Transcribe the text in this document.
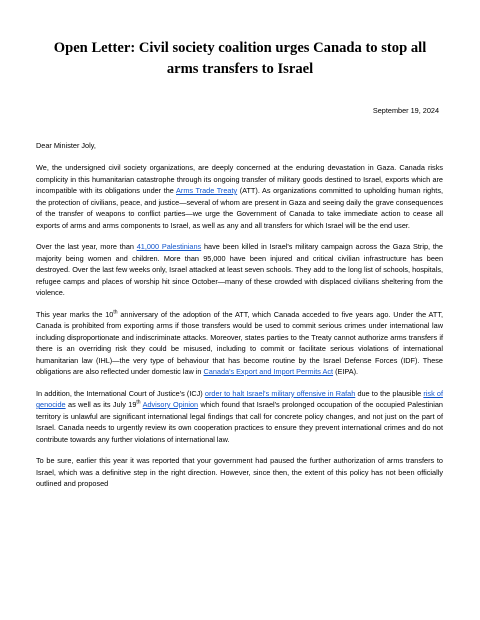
Open Letter: Civil society coalition urges Canada to stop all
arms transfers to Israel
September 19, 2024
Dear Minister Joly,

We, the undersigned civil society organizations, are deeply concerned at the enduring devastation in Gaza. Canada risks complicity in this humanitarian catastrophe through its ongoing transfer of military goods destined to Israel, exports which are incompatible with its obligations under the Arms Trade Treaty (ATT). As organizations committed to upholding human rights, the protection of civilians, peace, and justice—several of whom are present in Gaza and seeing daily the grave consequences of the transfer of weapons to conflict parties—we urge the Government of Canada to take immediate action to cease all exports of arms and arms components to Israel, as well as any and all transfers for which Israel will be the end user.

Over the last year, more than 41,000 Palestinians have been killed in Israel's military campaign across the Gaza Strip, the majority being women and children. More than 95,000 have been injured and critical civilian infrastructure has been destroyed. Over the last few weeks only, Israel attacked at least seven schools. They add to the long list of schools, hospitals, refugee camps and places of worship hit since October—many of these crowded with displaced civilians sheltering from the violence.

This year marks the 10th anniversary of the adoption of the ATT, which Canada acceded to five years ago. Under the ATT, Canada is prohibited from exporting arms if those transfers would be used to commit serious crimes under international law including disproportionate and indiscriminate attacks. Moreover, states parties to the Treaty cannot authorize arms transfers if there is an overriding risk they could be misused, including to commit or facilitate serious violations of international humanitarian law (IHL)—the very type of behaviour that has become routine by the Israel Defense Forces (IDF). These obligations are also reflected under domestic law in Canada's Export and Import Permits Act (EIPA).

In addition, the International Court of Justice's (ICJ) order to halt Israel's military offensive in Rafah due to the plausible risk of genocide as well as its July 19th Advisory Opinion which found that Israel's prolonged occupation of the occupied Palestinian territory is unlawful are significant international legal findings that call for concrete policy changes, and not just on the part of Israel. Canada needs to urgently review its own cooperation practices to ensure they prevent international crimes and do not contribute towards any further violations of international law.

To be sure, earlier this year it was reported that your government had paused the further authorization of arms transfers to Israel, which was a definitive step in the right direction. However, since then, the extent of this policy has not been officially outlined and proposed
